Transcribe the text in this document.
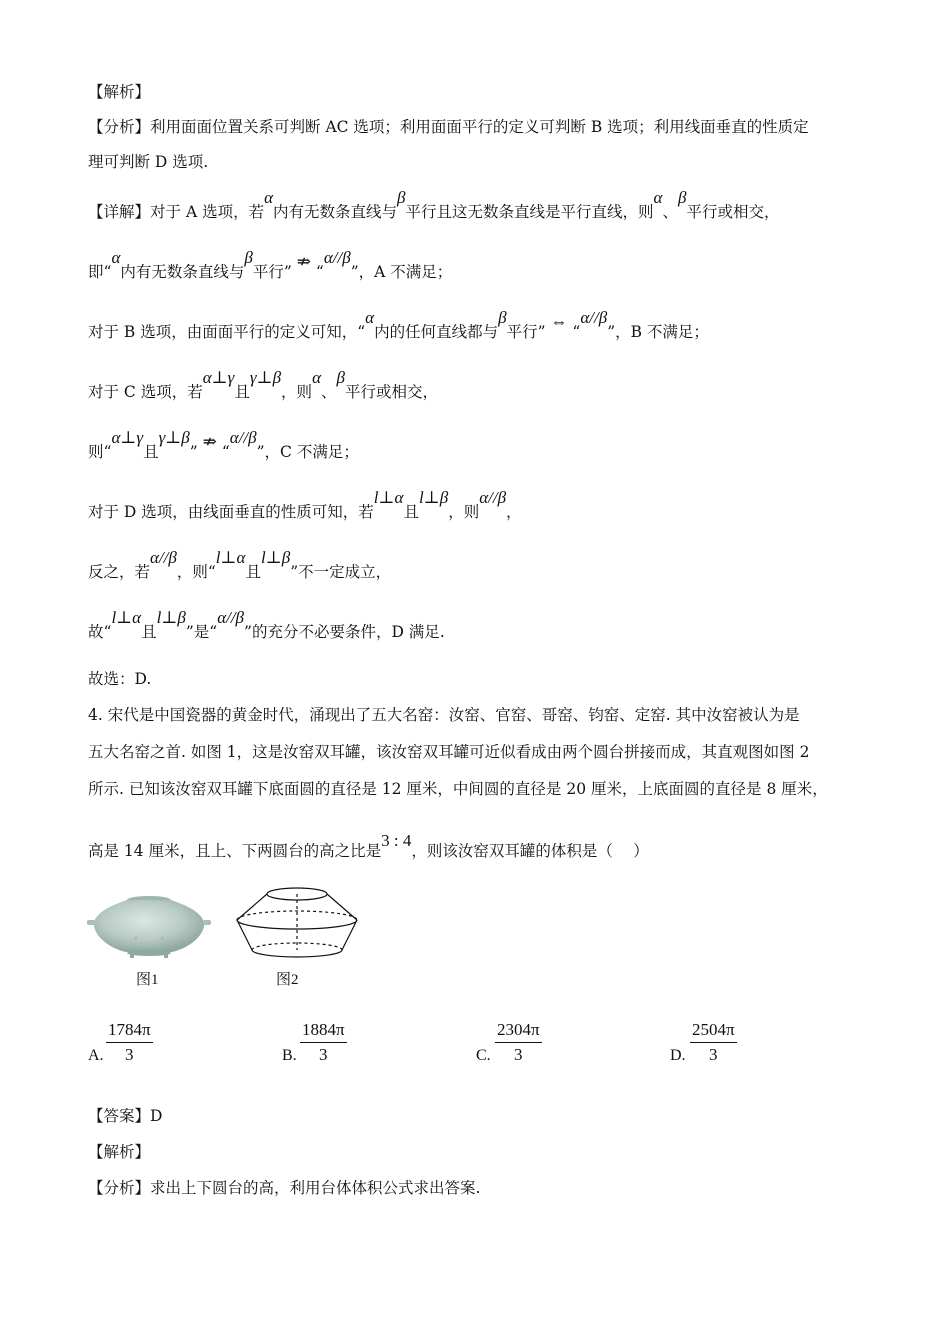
【解析】
【分析】利用面面位置关系可判断 AC 选项；利用面面平行的定义可判断 B 选项；利用线面垂直的性质定
理可判断 D 选项.
【详解】对于 A 选项，若α内有无数条直线与β平行且这无数条直线是平行直线，则α、β平行或相交，
即“α内有无数条直线与β平行” ⇏ “α//β”，A 不满足；
对于 B 选项，由面面平行的定义可知，“α内的任何直线都与β平行” ⇔ “α//β”，B 不满足；
对于 C 选项，若α⊥γ且γ⊥β，则α、β平行或相交，
则“α⊥γ且γ⊥β” ⇏ “α//β”，C 不满足；
对于 D 选项，由线面垂直的性质可知，若l⊥α且l⊥β，则α//β，
反之，若α//β，则“l⊥α且l⊥β”不一定成立，
故“l⊥α且l⊥β”是“α//β”的充分不必要条件，D 满足.
故选：D.
4. 宋代是中国瓷器的黄金时代，涌现出了五大名窑：汝窑、官窑、哥窑、钧窑、定窑. 其中汝窑被认为是
五大名窑之首. 如图 1，这是汝窑双耳罐，该汝窑双耳罐可近似看成由两个圆台拼接而成，其直观图如图 2
所示. 已知该汝窑双耳罐下底面圆的直径是 12 厘米，中间圆的直径是 20 厘米，上底面圆的直径是 8 厘米，
高是 14 厘米，且上、下两圆台的高之比是3 : 4，则该汝窑双耳罐的体积是（　 ）
图1	图2
A. $\frac{1784\pi}{3}$	B. $\frac{1884\pi}{3}$	C. $\frac{2304\pi}{3}$	D. $\frac{2504\pi}{3}$
【答案】D
【解析】
【分析】求出上下圆台的高，利用台体体积公式求出答案.
